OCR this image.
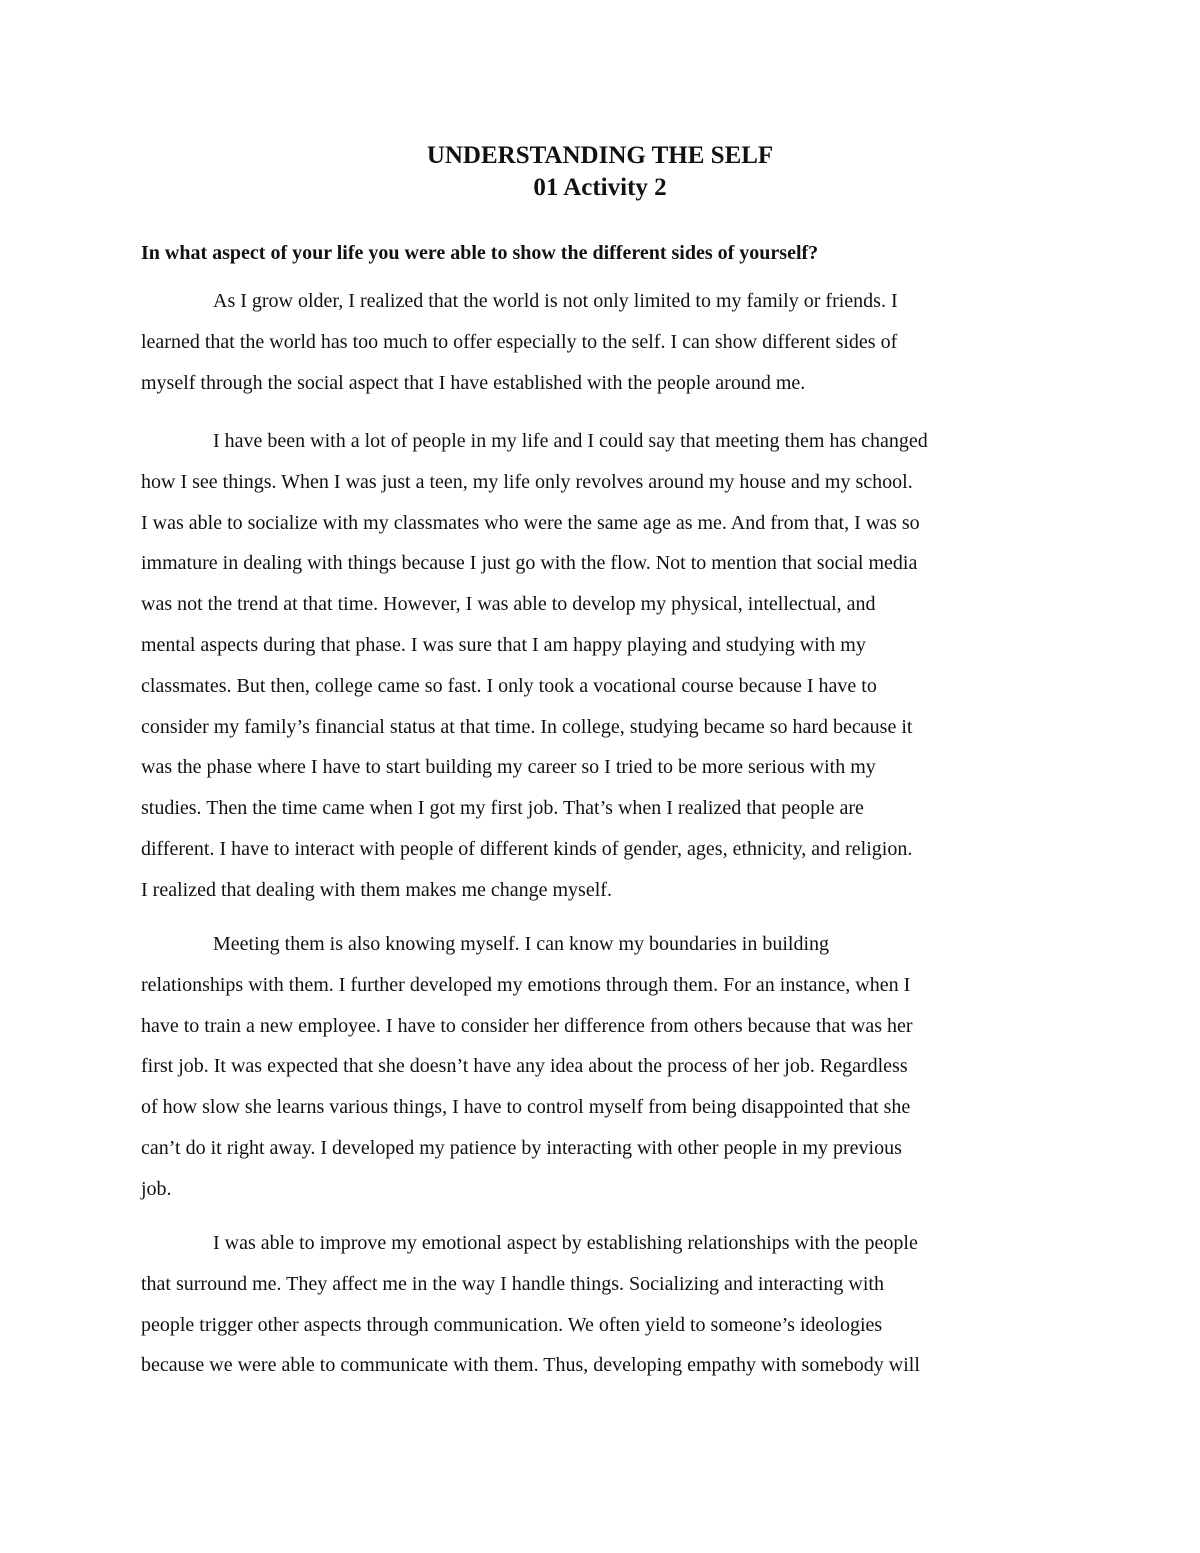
UNDERSTANDING THE SELF
01 Activity 2
In what aspect of your life you were able to show the different sides of yourself?
As I grow older, I realized that the world is not only limited to my family or friends. I
learned that the world has too much to offer especially to the self. I can show different sides of
myself through the social aspect that I have established with the people around me.
I have been with a lot of people in my life and I could say that meeting them has changed
how I see things. When I was just a teen, my life only revolves around my house and my school.
I was able to socialize with my classmates who were the same age as me. And from that, I was so
immature in dealing with things because I just go with the flow. Not to mention that social media
was not the trend at that time. However, I was able to develop my physical, intellectual, and
mental aspects during that phase. I was sure that I am happy playing and studying with my
classmates. But then, college came so fast. I only took a vocational course because I have to
consider my family’s financial status at that time. In college, studying became so hard because it
was the phase where I have to start building my career so I tried to be more serious with my
studies. Then the time came when I got my first job. That’s when I realized that people are
different. I have to interact with people of different kinds of gender, ages, ethnicity, and religion.
I realized that dealing with them makes me change myself.
Meeting them is also knowing myself. I can know my boundaries in building
relationships with them. I further developed my emotions through them. For an instance, when I
have to train a new employee. I have to consider her difference from others because that was her
first job. It was expected that she doesn’t have any idea about the process of her job. Regardless
of how slow she learns various things, I have to control myself from being disappointed that she
can’t do it right away. I developed my patience by interacting with other people in my previous
job.
I was able to improve my emotional aspect by establishing relationships with the people
that surround me. They affect me in the way I handle things. Socializing and interacting with
people trigger other aspects through communication. We often yield to someone’s ideologies
because we were able to communicate with them. Thus, developing empathy with somebody will
